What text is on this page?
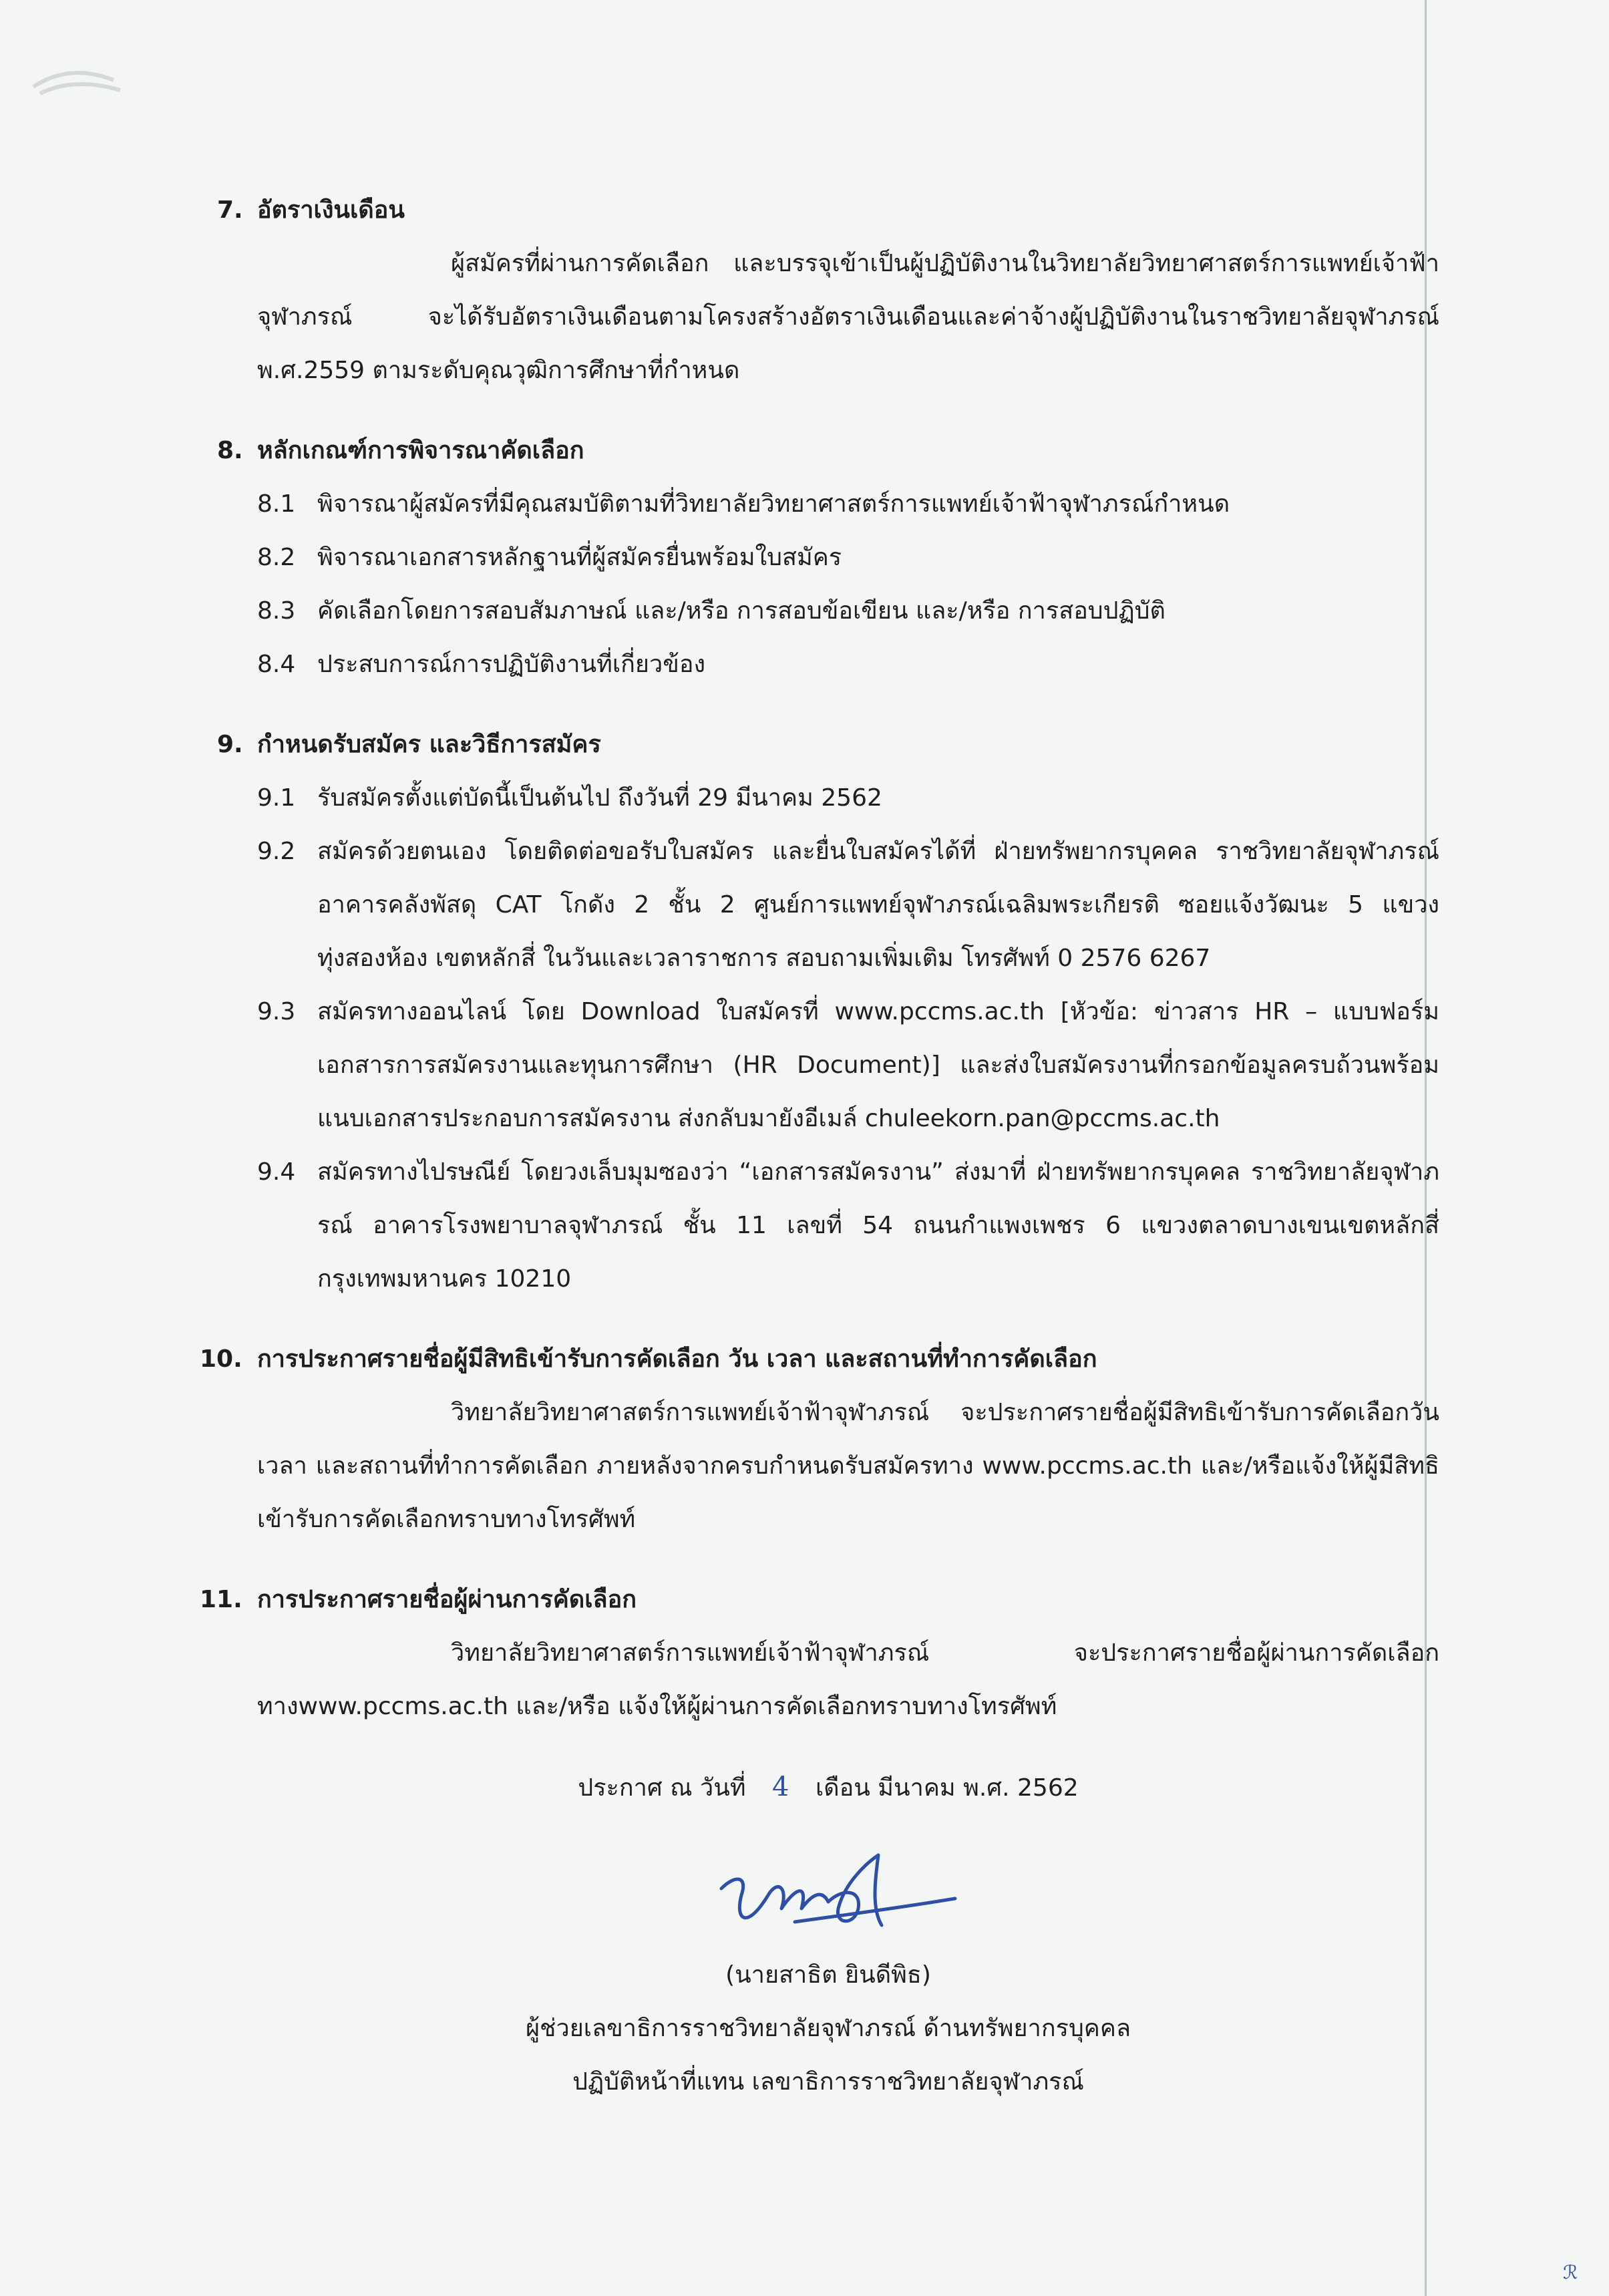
7. อัตราเงินเดือน
ผู้สมัครที่ผ่านการคัดเลือก และบรรจุเข้าเป็นผู้ปฏิบัติงานในวิทยาลัยวิทยาศาสตร์การแพทย์เจ้าฟ้าจุฬาภรณ์ จะได้รับอัตราเงินเดือนตามโครงสร้างอัตราเงินเดือนและค่าจ้างผู้ปฏิบัติงานในราชวิทยาลัยจุฬาภรณ์ พ.ศ.2559 ตามระดับคุณวุฒิการศึกษาที่กำหนด
8. หลักเกณฑ์การพิจารณาคัดเลือก
8.1 พิจารณาผู้สมัครที่มีคุณสมบัติตามที่วิทยาลัยวิทยาศาสตร์การแพทย์เจ้าฟ้าจุฬาภรณ์กำหนด
8.2 พิจารณาเอกสารหลักฐานที่ผู้สมัครยื่นพร้อมใบสมัคร
8.3 คัดเลือกโดยการสอบสัมภาษณ์ และ/หรือ การสอบข้อเขียน และ/หรือ การสอบปฏิบัติ
8.4 ประสบการณ์การปฏิบัติงานที่เกี่ยวข้อง
9. กำหนดรับสมัคร และวิธีการสมัคร
9.1 รับสมัครตั้งแต่บัดนี้เป็นต้นไป ถึงวันที่ 29 มีนาคม 2562
9.2 สมัครด้วยตนเอง โดยติดต่อขอรับใบสมัคร และยื่นใบสมัครได้ที่ ฝ่ายทรัพยากรบุคคล ราชวิทยาลัยจุฬาภรณ์ อาคารคลังพัสดุ CAT โกดัง 2 ชั้น 2 ศูนย์การแพทย์จุฬาภรณ์เฉลิมพระเกียรติ ซอยแจ้งวัฒนะ 5 แขวงทุ่งสองห้อง เขตหลักสี่ ในวันและเวลาราชการ สอบถามเพิ่มเติม โทรศัพท์ 0 2576 6267
9.3 สมัครทางออนไลน์ โดย Download ใบสมัครที่ www.pccms.ac.th [หัวข้อ: ข่าวสาร HR – แบบฟอร์มเอกสารการสมัครงานและทุนการศึกษา (HR Document)] และส่งใบสมัครงานที่กรอกข้อมูลครบถ้วนพร้อมแนบเอกสารประกอบการสมัครงาน ส่งกลับมายังอีเมล์ chuleekorn.pan@pccms.ac.th
9.4 สมัครทางไปรษณีย์ โดยวงเล็บมุมซองว่า “เอกสารสมัครงาน” ส่งมาที่ ฝ่ายทรัพยากรบุคคล ราชวิทยาลัยจุฬาภรณ์ อาคารโรงพยาบาลจุฬาภรณ์ ชั้น 11 เลขที่ 54 ถนนกำแพงเพชร 6 แขวงตลาดบางเขนเขตหลักสี่ กรุงเทพมหานคร 10210
10. การประกาศรายชื่อผู้มีสิทธิเข้ารับการคัดเลือก วัน เวลา และสถานที่ทำการคัดเลือก
วิทยาลัยวิทยาศาสตร์การแพทย์เจ้าฟ้าจุฬาภรณ์ จะประกาศรายชื่อผู้มีสิทธิเข้ารับการคัดเลือกวัน เวลา และสถานที่ทำการคัดเลือก ภายหลังจากครบกำหนดรับสมัครทาง www.pccms.ac.th และ/หรือแจ้งให้ผู้มีสิทธิเข้ารับการคัดเลือกทราบทางโทรศัพท์
11. การประกาศรายชื่อผู้ผ่านการคัดเลือก
วิทยาลัยวิทยาศาสตร์การแพทย์เจ้าฟ้าจุฬาภรณ์ จะประกาศรายชื่อผู้ผ่านการคัดเลือกทางwww.pccms.ac.th และ/หรือ แจ้งให้ผู้ผ่านการคัดเลือกทราบทางโทรศัพท์
ประกาศ ณ วันที่ 4 เดือน มีนาคม พ.ศ. 2562
(นายสาธิต ยินดีพิธ)
ผู้ช่วยเลขาธิการราชวิทยาลัยจุฬาภรณ์ ด้านทรัพยากรบุคคล
ปฏิบัติหน้าที่แทน เลขาธิการราชวิทยาลัยจุฬาภรณ์
ℛ
